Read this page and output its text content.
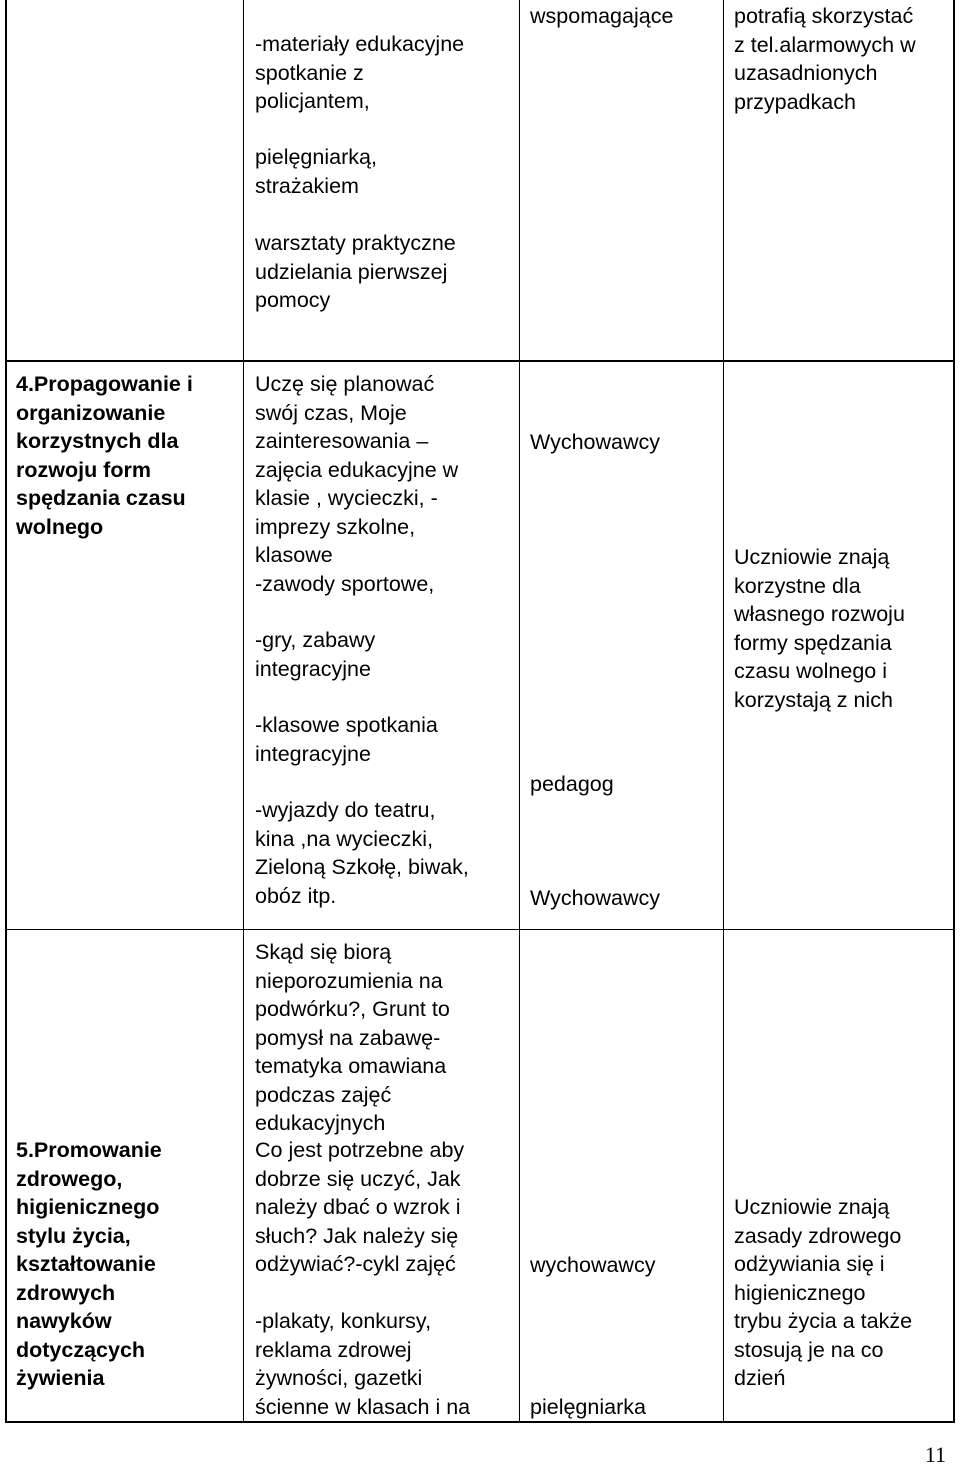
-materiały edukacyjne
spotkanie z
policjantem,
pielęgniarką,
strażakiem
warsztaty praktyczne
udzielania pierwszej
pomocy
wspomagające	potrafią skorzystać
z tel.alarmowych w
uzasadnionych
przypadkach
4.Propagowanie i
organizowanie
korzystnych dla
rozwoju form
spędzania czasu
wolnego
Uczę się planować
swój czas, Moje
zainteresowania –
zajęcia edukacyjne w
klasie , wycieczki, -
imprezy szkolne,
klasowe
-zawody sportowe,
-gry, zabawy
integracyjne
-klasowe spotkania
integracyjne
-wyjazdy do teatru,
kina ,na wycieczki,
Zieloną Szkołę, biwak,
obóz itp.
Wychowawcy
pedagog
Wychowawcy
Uczniowie znają
korzystne dla
własnego rozwoju
formy spędzania
czasu wolnego i
korzystają z nich
Skąd się biorą
nieporozumienia na
podwórku?, Grunt to
pomysł na zabawę-
tematyka omawiana
podczas zajęć
edukacyjnych
5.Promowanie
zdrowego,
higienicznego
stylu życia,
kształtowanie
zdrowych
nawyków
dotyczących
żywienia
Co jest potrzebne aby
dobrze się uczyć, Jak
należy dbać o wzrok i
słuch? Jak należy się
odżywiać?-cykl zajęć
-plakaty, konkursy,
reklama zdrowej
żywności, gazetki
ścienne w klasach i na
wychowawcy
pielęgniarka
Uczniowie znają
zasady zdrowego
odżywiania się i
higienicznego
trybu życia a także
stosują je na co
dzień
11
